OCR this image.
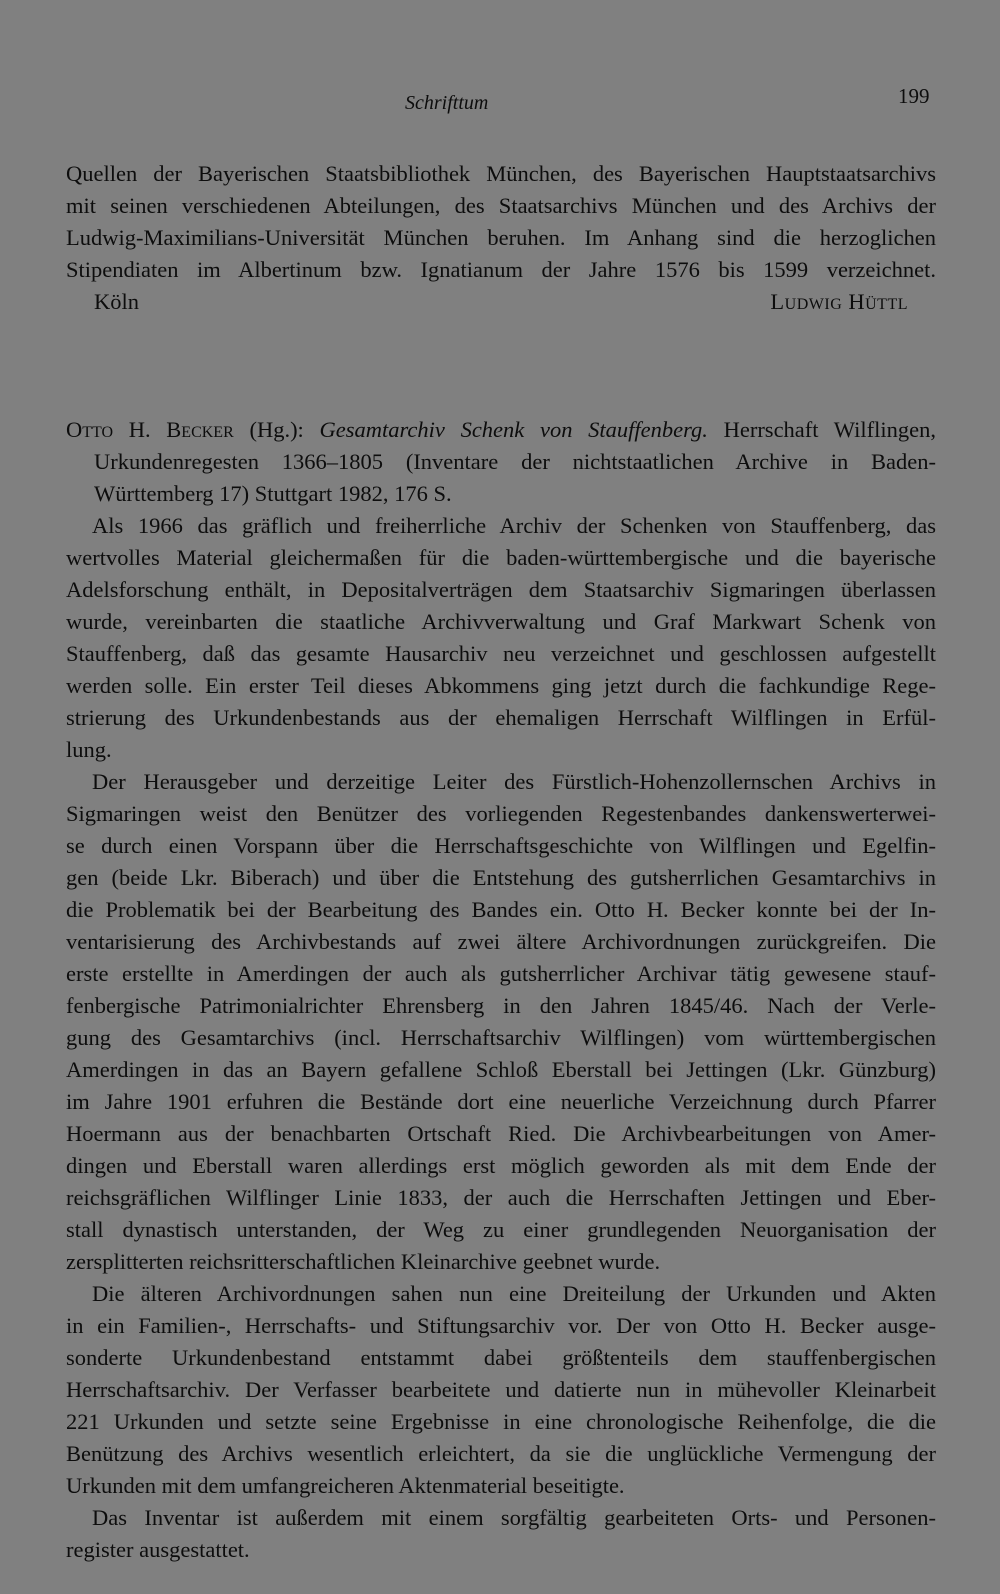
Schrifttum	199
Quellen der Bayerischen Staatsbibliothek München, des Bayerischen Hauptstaatsarchivs
mit seinen verschiedenen Abteilungen, des Staatsarchivs München und des Archivs der
Ludwig-Maximilians-Universität München beruhen. Im Anhang sind die herzoglichen
Stipendiaten im Albertinum bzw. Ignatianum der Jahre 1576 bis 1599 verzeichnet.
Köln	Ludwig Hüttl
Otto H. Becker (Hg.): Gesamtarchiv Schenk von Stauffenberg. Herrschaft Wilflingen,
Urkundenregesten 1366–1805 (Inventare der nichtstaatlichen Archive in Baden-
Württemberg 17) Stuttgart 1982, 176 S.
Als 1966 das gräflich und freiherrliche Archiv der Schenken von Stauffenberg, das
wertvolles Material gleichermaßen für die baden-württembergische und die bayerische
Adelsforschung enthält, in Depositalverträgen dem Staatsarchiv Sigmaringen überlassen
wurde, vereinbarten die staatliche Archivverwaltung und Graf Markwart Schenk von
Stauffenberg, daß das gesamte Hausarchiv neu verzeichnet und geschlossen aufgestellt
werden solle. Ein erster Teil dieses Abkommens ging jetzt durch die fachkundige Rege-
strierung des Urkundenbestands aus der ehemaligen Herrschaft Wilflingen in Erfül-
lung.
Der Herausgeber und derzeitige Leiter des Fürstlich-Hohenzollernschen Archivs in
Sigmaringen weist den Benützer des vorliegenden Regestenbandes dankenswerterwei-
se durch einen Vorspann über die Herrschaftsgeschichte von Wilflingen und Egelfin-
gen (beide Lkr. Biberach) und über die Entstehung des gutsherrlichen Gesamtarchivs in
die Problematik bei der Bearbeitung des Bandes ein. Otto H. Becker konnte bei der In-
ventarisierung des Archivbestands auf zwei ältere Archivordnungen zurückgreifen. Die
erste erstellte in Amerdingen der auch als gutsherrlicher Archivar tätig gewesene stauf-
fenbergische Patrimonialrichter Ehrensberg in den Jahren 1845/46. Nach der Verle-
gung des Gesamtarchivs (incl. Herrschaftsarchiv Wilflingen) vom württembergischen
Amerdingen in das an Bayern gefallene Schloß Eberstall bei Jettingen (Lkr. Günzburg)
im Jahre 1901 erfuhren die Bestände dort eine neuerliche Verzeichnung durch Pfarrer
Hoermann aus der benachbarten Ortschaft Ried. Die Archivbearbeitungen von Amer-
dingen und Eberstall waren allerdings erst möglich geworden als mit dem Ende der
reichsgräflichen Wilflinger Linie 1833, der auch die Herrschaften Jettingen und Eber-
stall dynastisch unterstanden, der Weg zu einer grundlegenden Neuorganisation der
zersplitterten reichsritterschaftlichen Kleinarchive geebnet wurde.
Die älteren Archivordnungen sahen nun eine Dreiteilung der Urkunden und Akten
in ein Familien-, Herrschafts- und Stiftungsarchiv vor. Der von Otto H. Becker ausge-
sonderte Urkundenbestand entstammt dabei größtenteils dem stauffenbergischen
Herrschaftsarchiv. Der Verfasser bearbeitete und datierte nun in mühevoller Kleinarbeit
221 Urkunden und setzte seine Ergebnisse in eine chronologische Reihenfolge, die die
Benützung des Archivs wesentlich erleichtert, da sie die unglückliche Vermengung der
Urkunden mit dem umfangreicheren Aktenmaterial beseitigte.
Das Inventar ist außerdem mit einem sorgfältig gearbeiteten Orts- und Personen-
register ausgestattet.
